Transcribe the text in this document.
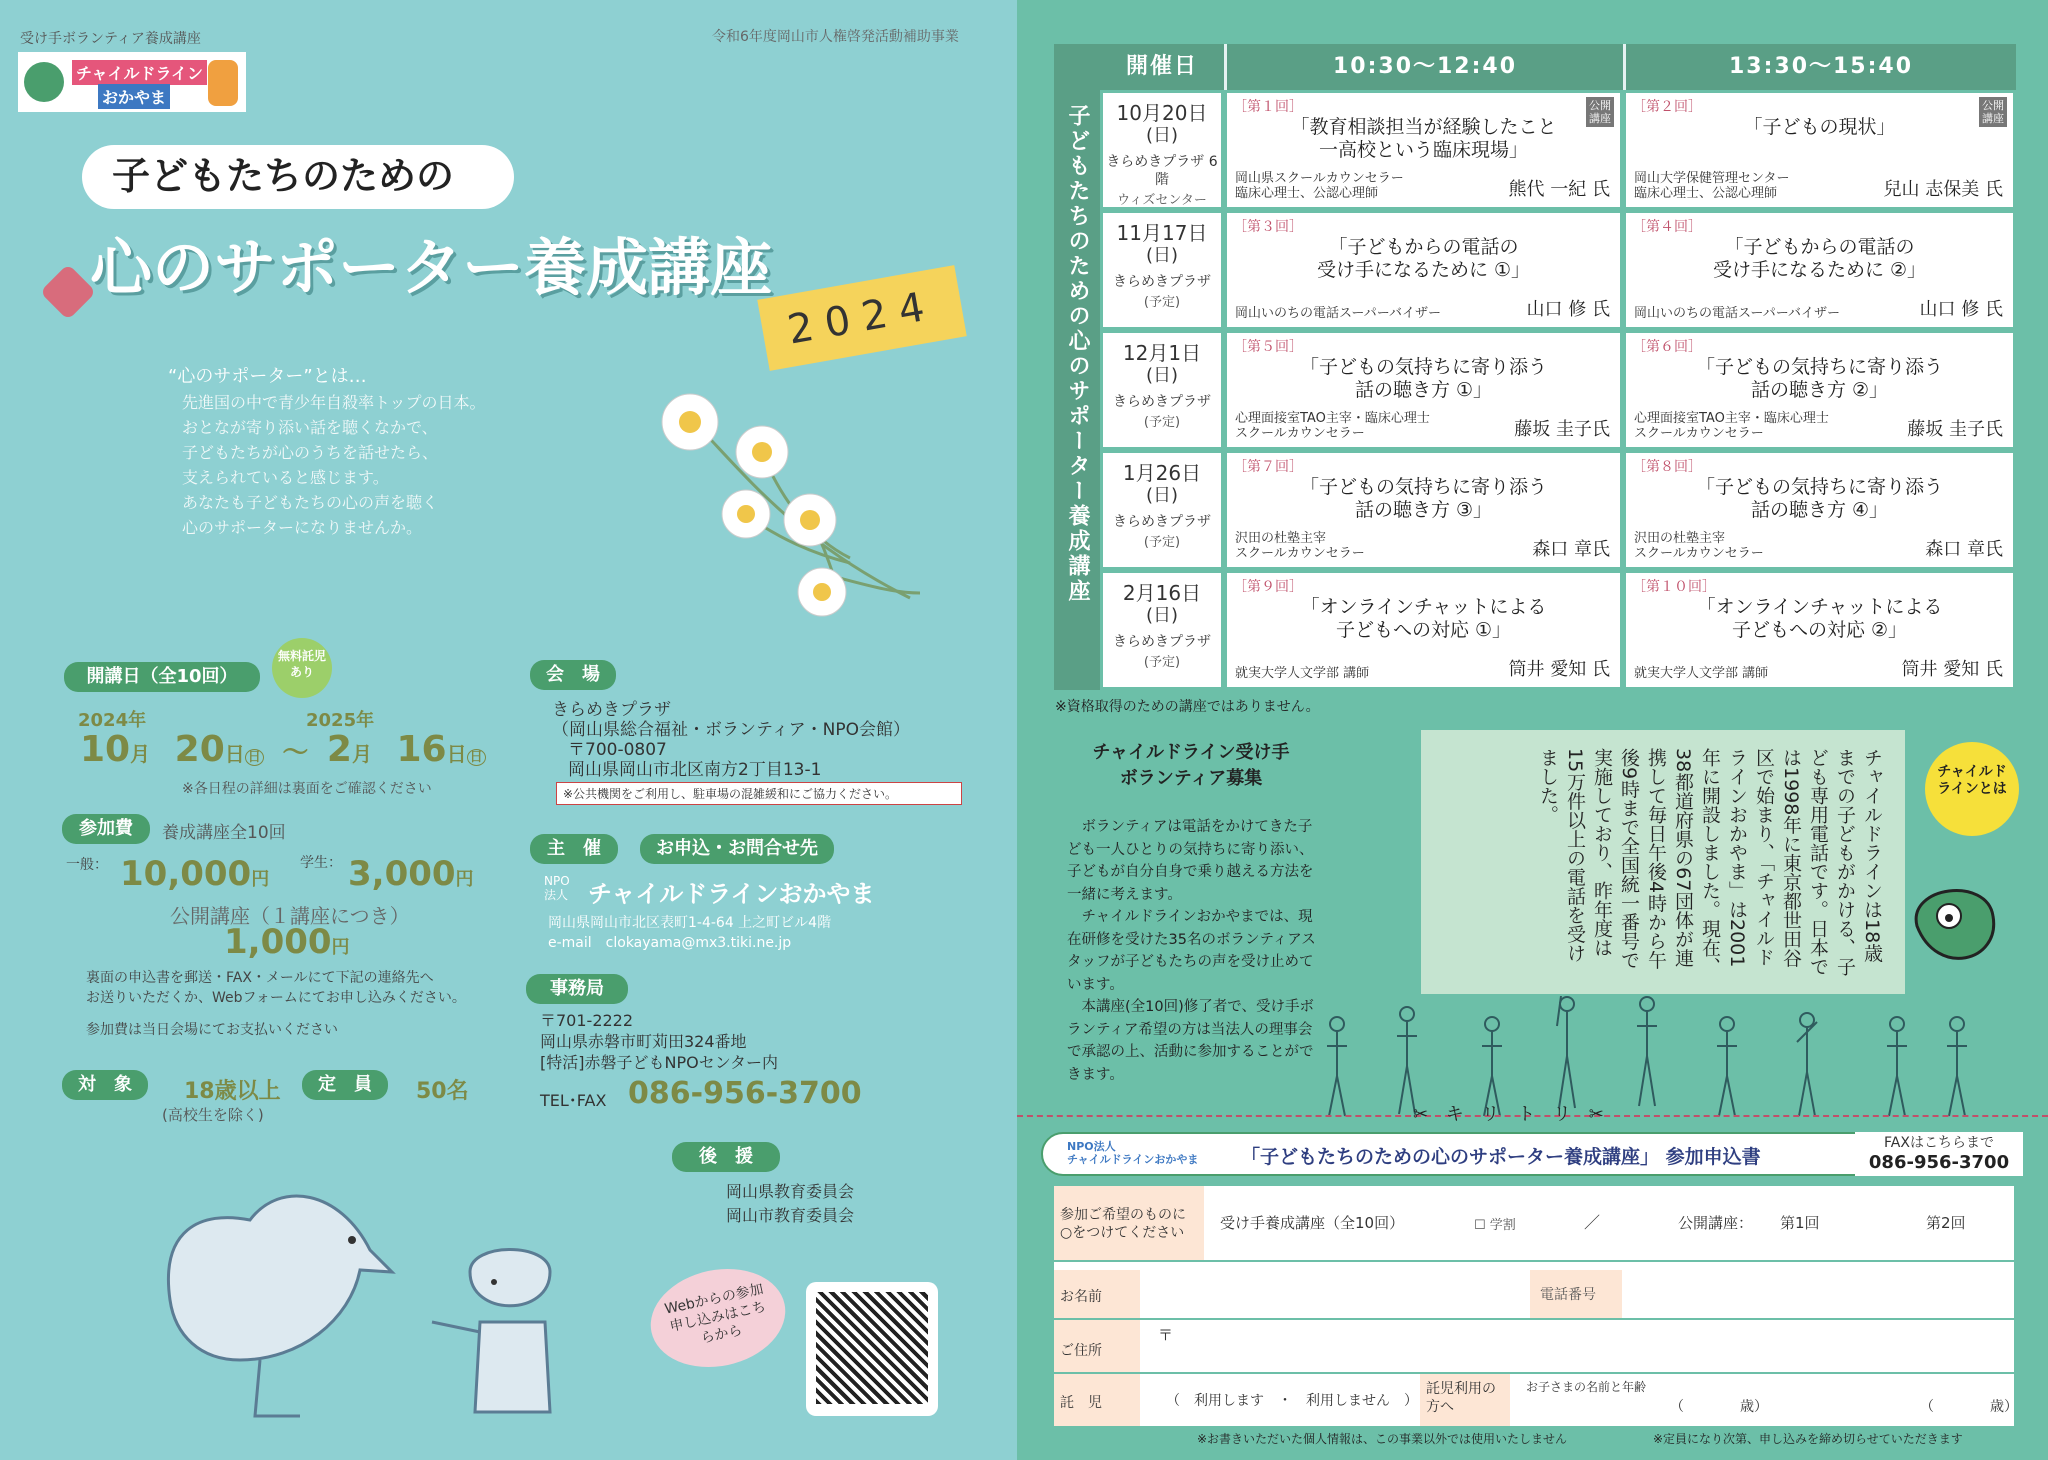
受け手ボランティア養成講座	令和6年度岡山市人権啓発活動補助事業
チャイルドライン
おかやま
子どもたちのための
心のサポーター養成講座
2024
“心のサポーター”とは…
先進国の中で青少年自殺率トップの日本。
おとなが寄り添い話を聴くなかで、
子どもたちが心のうちを話せたら、
支えられていると感じます。
あなたも子どもたちの心の声を聴く
心のサポーターになりませんか。
開講日（全10回）
無料託児あり
2024年	2025年
10月 20日 日 ～ 2月 16日 日
※各日程の詳細は裏面をご確認ください
参加費	養成講座全10回
一般： 10,000円
学生： 3,000円
公開講座（１講座につき）
1,000円
裏面の申込書を郵送・FAX・メールにて下記の連絡先へ
お送りいただくか、Webフォームにてお申し込みください。
参加費は当日会場にてお支払いください
対　象	18歳以上
(高校生を除く)
定　員	50名
会　場
きらめきプラザ
（岡山県総合福祉・ボランティア・NPO会館）
〒700-0807
岡山県岡山市北区南方2丁目13-1
※公共機関をご利用し、駐車場の混雑緩和にご協力ください。
主　催	お申込・お問合せ先
NPO法人 チャイルドラインおかやま
岡山県岡山市北区表町1-4-64 上之町ビル4階
e-mail　clokayama@mx3.tiki.ne.jp
事務局
〒701-2222
岡山県赤磐市町苅田324番地
[特活]赤磐子どもNPOセンター内
TEL･FAX 086-956-3700
後　援
岡山県教育委員会
岡山市教育委員会
Webからの参加申し込みはこちらから
子どもたちのための心のサポーター養成講座
開催日	10:30〜12:40	13:30〜15:40
10月20日
(日)
きらめきプラザ 6階
ウィズセンター
［第１回］
「教育相談担当が経験したこと
一高校という臨床現場」
岡山県スクールカウンセラー
臨床心理士、公認心理師	熊代 一紀 氏
公開講座
［第２回］
「子どもの現状」
岡山大学保健管理センター
臨床心理士、公認心理師	兒山 志保美 氏
公開講座
11月17日
(日)
きらめきプラザ
(予定)
［第３回］
「子どもからの電話の
受け手になるために ①」
岡山いのちの電話スーパーバイザー	山口 修 氏
［第４回］
「子どもからの電話の
受け手になるために ②」
岡山いのちの電話スーパーバイザー	山口 修 氏
12月1日
(日)
きらめきプラザ
(予定)
［第５回］
「子どもの気持ちに寄り添う
話の聴き方 ①」
心理面接室TAO主宰・臨床心理士
スクールカウンセラー	藤坂 圭子氏
［第６回］
「子どもの気持ちに寄り添う
話の聴き方 ②」
心理面接室TAO主宰・臨床心理士
スクールカウンセラー	藤坂 圭子氏
1月26日
(日)
きらめきプラザ
(予定)
［第７回］
「子どもの気持ちに寄り添う
話の聴き方 ③」
沢田の杜塾主宰
スクールカウンセラー	森口 章氏
［第８回］
「子どもの気持ちに寄り添う
話の聴き方 ④」
沢田の杜塾主宰
スクールカウンセラー	森口 章氏
2月16日
(日)
きらめきプラザ
(予定)
［第９回］
「オンラインチャットによる
子どもへの対応 ①」
就実大学人文学部 講師	筒井 愛知 氏
［第１０回］
「オンラインチャットによる
子どもへの対応 ②」
就実大学人文学部 講師	筒井 愛知 氏
※資格取得のための講座ではありません。
チャイルドライン受け手
ボランティア募集
　ボランティアは電話をかけてきた子ども一人ひとりの気持ちに寄り添い、子どもが自分自身で乗り越える方法を一緒に考えます。
　チャイルドラインおかやまでは、現在研修を受けた35名のボランティアスタッフが子どもたちの声を受け止めています。
　本講座(全10回)修了者で、受け手ボランティア希望の方は当法人の理事会で承認の上、活動に参加することができます。
チャイルドラインは18歳までの子どもがかける、子ども専用電話です。日本では1998年に東京都世田谷区で始まり、「チャイルドラインおかやま」は2001年に開設しました。現在、38都道府県の67団体が連携して毎日午後4時から午後9時まで全国統一番号で実施しており、昨年度は15万件以上の電話を受けました。	チャイルドラインとは
✂ キ リ ト リ ✂
NPO法人
チャイルドラインおかやま 「子どもたちのための心のサポーター養成講座」 参加申込書
FAXはこちらまで
086-956-3700
参加ご希望のものに○をつけてください
受け手養成講座（全10回）	☐ 学割	／	公開講座： 第1回	第2回
お名前	電話番号
ご住所
〒
託　児	（　利用します　・　利用しません　）
託児利用の方へ
お子さまの名前と年齢
（　　　　歳）	（　　　　歳）
※お書きいただいた個人情報は、この事業以外では使用いたしません	※定員になり次第、申し込みを締め切らせていただきます
